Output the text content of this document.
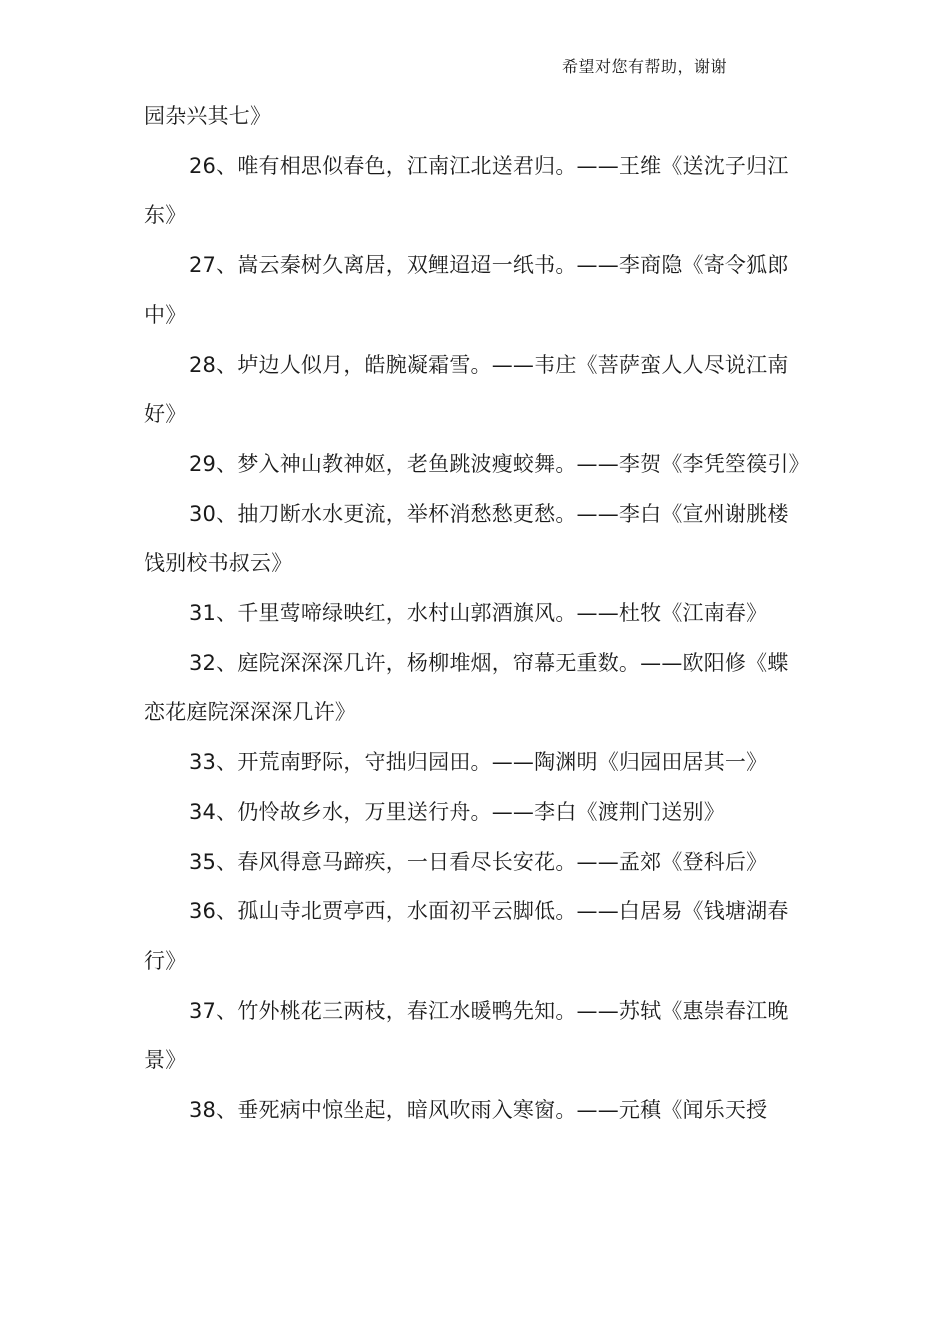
希望对您有帮助，谢谢

园杂兴其七》

26、唯有相思似春色，江南江北送君归。——王维《送沈子归江东》

27、嵩云秦树久离居，双鲤迢迢一纸书。——李商隐《寄令狐郎中》

28、垆边人似月，皓腕凝霜雪。——韦庄《菩萨蛮人人尽说江南好》

29、梦入神山教神妪，老鱼跳波瘦蛟舞。——李贺《李凭箜篌引》

30、抽刀断水水更流，举杯消愁愁更愁。——李白《宣州谢朓楼饯别校书叔云》

31、千里莺啼绿映红，水村山郭酒旗风。——杜牧《江南春》

32、庭院深深深几许，杨柳堆烟，帘幕无重数。——欧阳修《蝶恋花庭院深深深几许》

33、开荒南野际，守拙归园田。——陶渊明《归园田居其一》

34、仍怜故乡水，万里送行舟。——李白《渡荆门送别》

35、春风得意马蹄疾，一日看尽长安花。——孟郊《登科后》

36、孤山寺北贾亭西，水面初平云脚低。——白居易《钱塘湖春行》

37、竹外桃花三两枝，春江水暖鸭先知。——苏轼《惠崇春江晚景》

38、垂死病中惊坐起，暗风吹雨入寒窗。——元稹《闻乐天授
